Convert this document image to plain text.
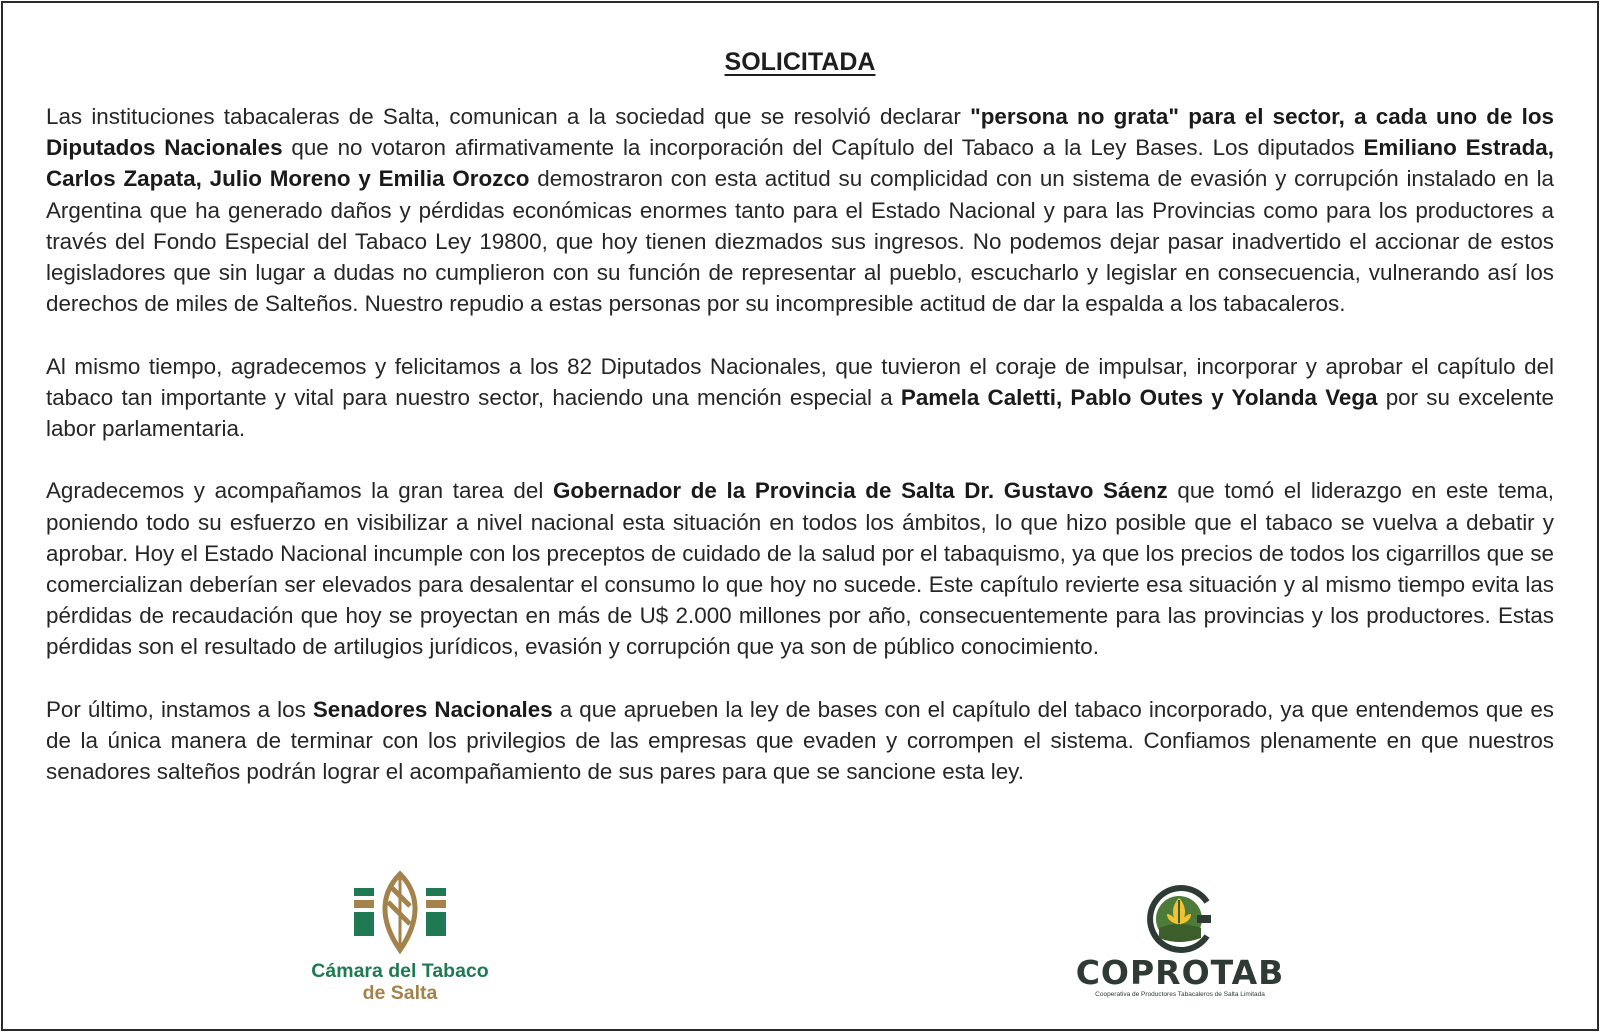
SOLICITADA

Las instituciones tabacaleras de Salta, comunican a la sociedad que se resolvió declarar "persona no grata" para el sector, a cada uno de los Diputados Nacionales que no votaron afirmativamente la incorporación del Capítulo del Tabaco a la Ley Bases. Los diputados Emiliano Estrada, Carlos Zapata, Julio Moreno y Emilia Orozco demostraron con esta actitud su complicidad con un sistema de evasión y corrupción instalado en la Argentina que ha generado daños y pérdidas económicas enormes tanto para el Estado Nacional y para las Provincias como para los productores a través del Fondo Especial del Tabaco Ley 19800, que hoy tienen diezmados sus ingresos. No podemos dejar pasar inadvertido el accionar de estos legisladores que sin lugar a dudas no cumplieron con su función de representar al pueblo, escucharlo y legislar en consecuencia, vulnerando así los derechos de miles de Salteños. Nuestro repudio a estas personas por su incompresible actitud de dar la espalda a los tabacaleros.

Al mismo tiempo, agradecemos y felicitamos a los 82 Diputados Nacionales, que tuvieron el coraje de impulsar, incorporar y aprobar el capítulo del tabaco tan importante y vital para nuestro sector, haciendo una mención especial a Pamela Caletti, Pablo Outes y Yolanda Vega por su excelente labor parlamentaria.

Agradecemos y acompañamos la gran tarea del Gobernador de la Provincia de Salta Dr. Gustavo Sáenz que tomó el liderazgo en este tema, poniendo todo su esfuerzo en visibilizar a nivel nacional esta situación en todos los ámbitos, lo que hizo posible que el tabaco se vuelva a debatir y aprobar. Hoy el Estado Nacional incumple con los preceptos de cuidado de la salud por el tabaquismo, ya que los precios de todos los cigarrillos que se comercializan deberían ser elevados para desalentar el consumo lo que hoy no sucede. Este capítulo revierte esa situación y al mismo tiempo evita las pérdidas de recaudación que hoy se proyectan en más de U$ 2.000 millones por año, consecuentemente para las provincias y los productores. Estas pérdidas son el resultado de artilugios jurídicos, evasión y corrupción que ya son de público conocimiento.

Por último, instamos a los Senadores Nacionales a que aprueben la ley de bases con el capítulo del tabaco incorporado, ya que entendemos que es de la única manera de terminar con los privilegios de las empresas que evaden y corrompen el sistema. Confiamos plenamente en que nuestros senadores salteños podrán lograr el acompañamiento de sus pares para que se sancione esta ley.

Cámara del Tabaco
de Salta
COPROTAB
Cooperativa de Productores Tabacaleros de Salta Limitada
